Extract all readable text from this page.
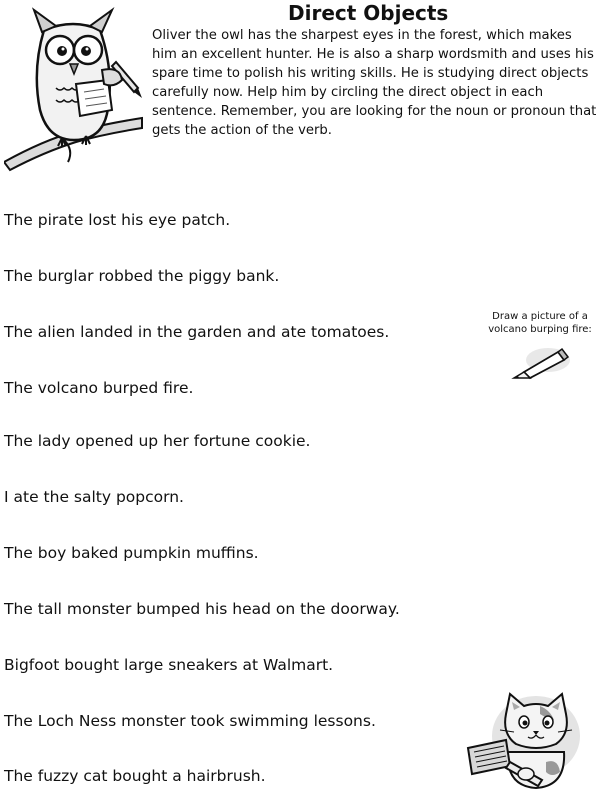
Direct Objects

Oliver the owl has the sharpest eyes in the forest, which makes him an excellent hunter. He is also a sharp wordsmith and uses his spare time to polish his writing skills. He is studying direct objects carefully now. Help him by circling the direct object in each sentence. Remember, you are looking for the noun or pronoun that gets the action of the verb.

The pirate lost his eye patch.
The burglar robbed the piggy bank.
The alien landed in the garden and ate tomatoes.
The volcano burped fire.
The lady opened up her fortune cookie.
I ate the salty popcorn.
The boy baked pumpkin muffins.
The tall monster bumped his head on the doorway.
Bigfoot bought large sneakers at Walmart.
The Loch Ness monster took swimming lessons.
The fuzzy cat bought a hairbrush.
Draw a picture of a
volcano burping fire:
